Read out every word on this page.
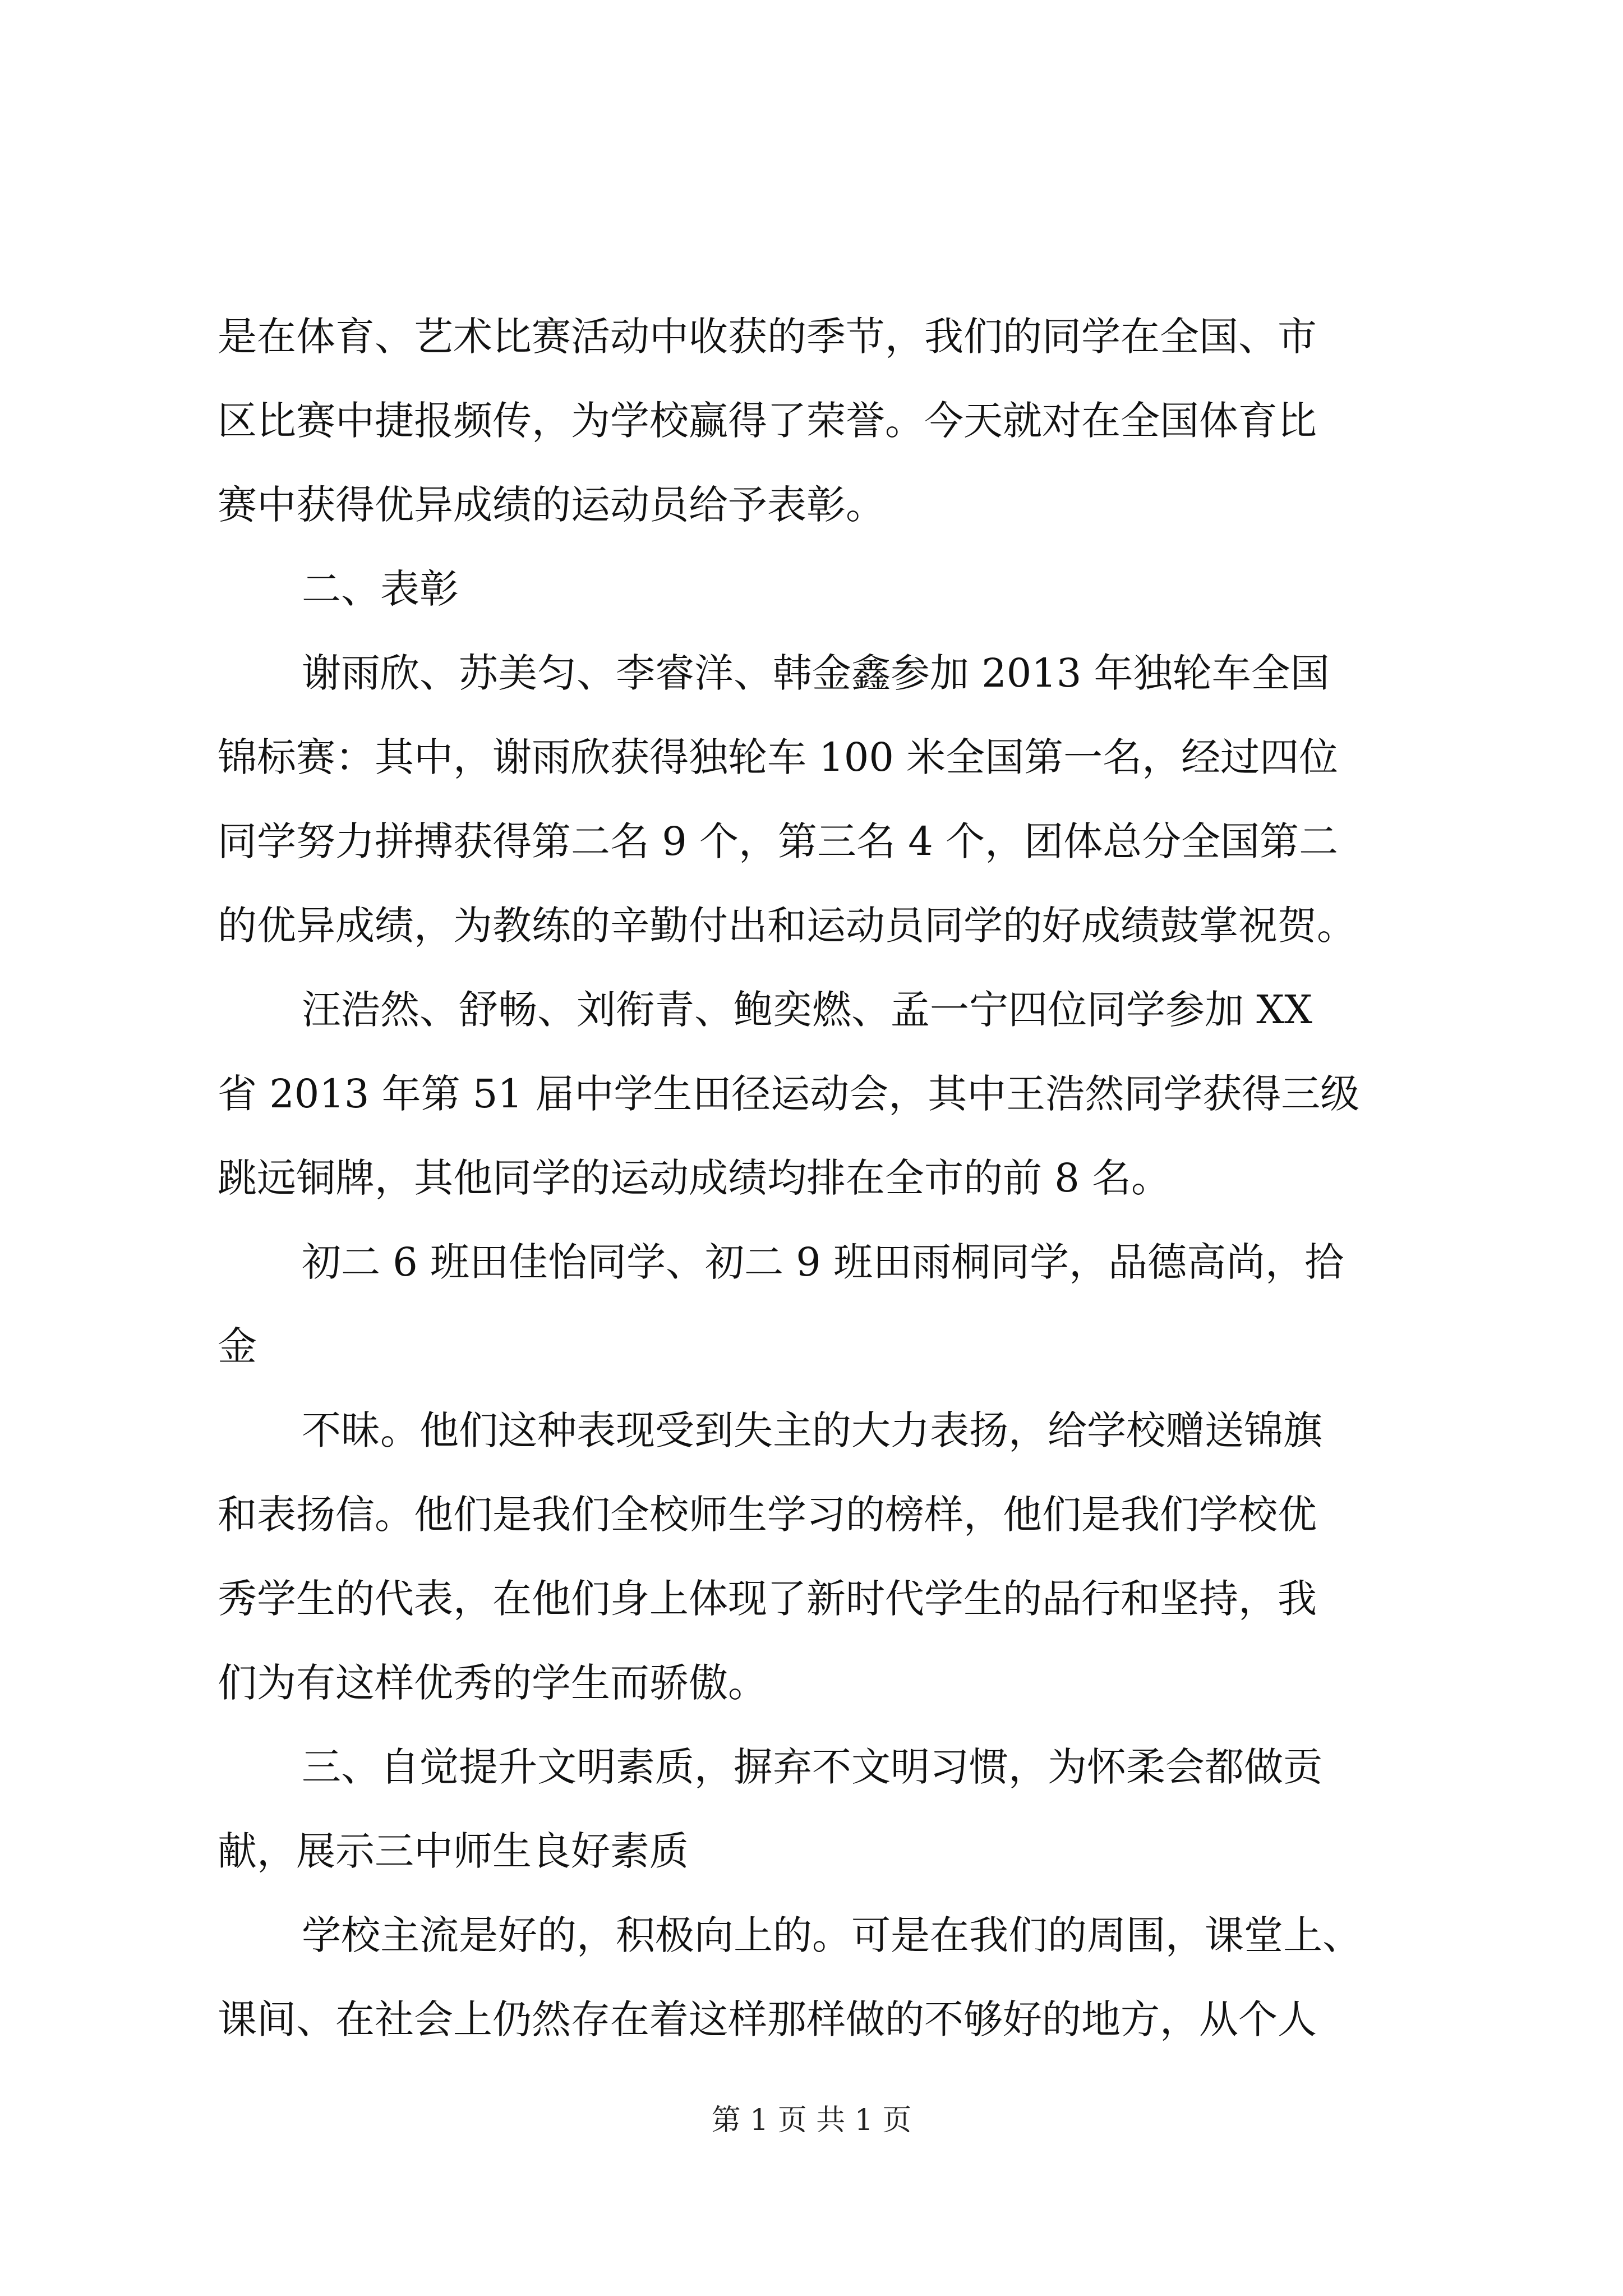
是在体育、艺术比赛活动中收获的季节，我们的同学在全国、市
区比赛中捷报频传，为学校赢得了荣誉。今天就对在全国体育比
赛中获得优异成绩的运动员给予表彰。
二、表彰
谢雨欣、苏美匀、李睿洋、韩金鑫参加 2013 年独轮车全国
锦标赛：其中，谢雨欣获得独轮车 100 米全国第一名，经过四位
同学努力拼搏获得第二名 9 个，第三名 4 个，团体总分全国第二
的优异成绩，为教练的辛勤付出和运动员同学的好成绩鼓掌祝贺。
汪浩然、舒畅、刘衔青、鲍奕燃、孟一宁四位同学参加 XX
省 2013 年第 51 届中学生田径运动会，其中王浩然同学获得三级
跳远铜牌，其他同学的运动成绩均排在全市的前 8 名。
初二 6 班田佳怡同学、初二 9 班田雨桐同学，品德高尚，拾
金
不昧。他们这种表现受到失主的大力表扬，给学校赠送锦旗
和表扬信。他们是我们全校师生学习的榜样，他们是我们学校优
秀学生的代表，在他们身上体现了新时代学生的品行和坚持，我
们为有这样优秀的学生而骄傲。
三、自觉提升文明素质，摒弃不文明习惯，为怀柔会都做贡
献，展示三中师生良好素质
学校主流是好的，积极向上的。可是在我们的周围，课堂上、
课间、在社会上仍然存在着这样那样做的不够好的地方，从个人
第 1 页 共 1 页
